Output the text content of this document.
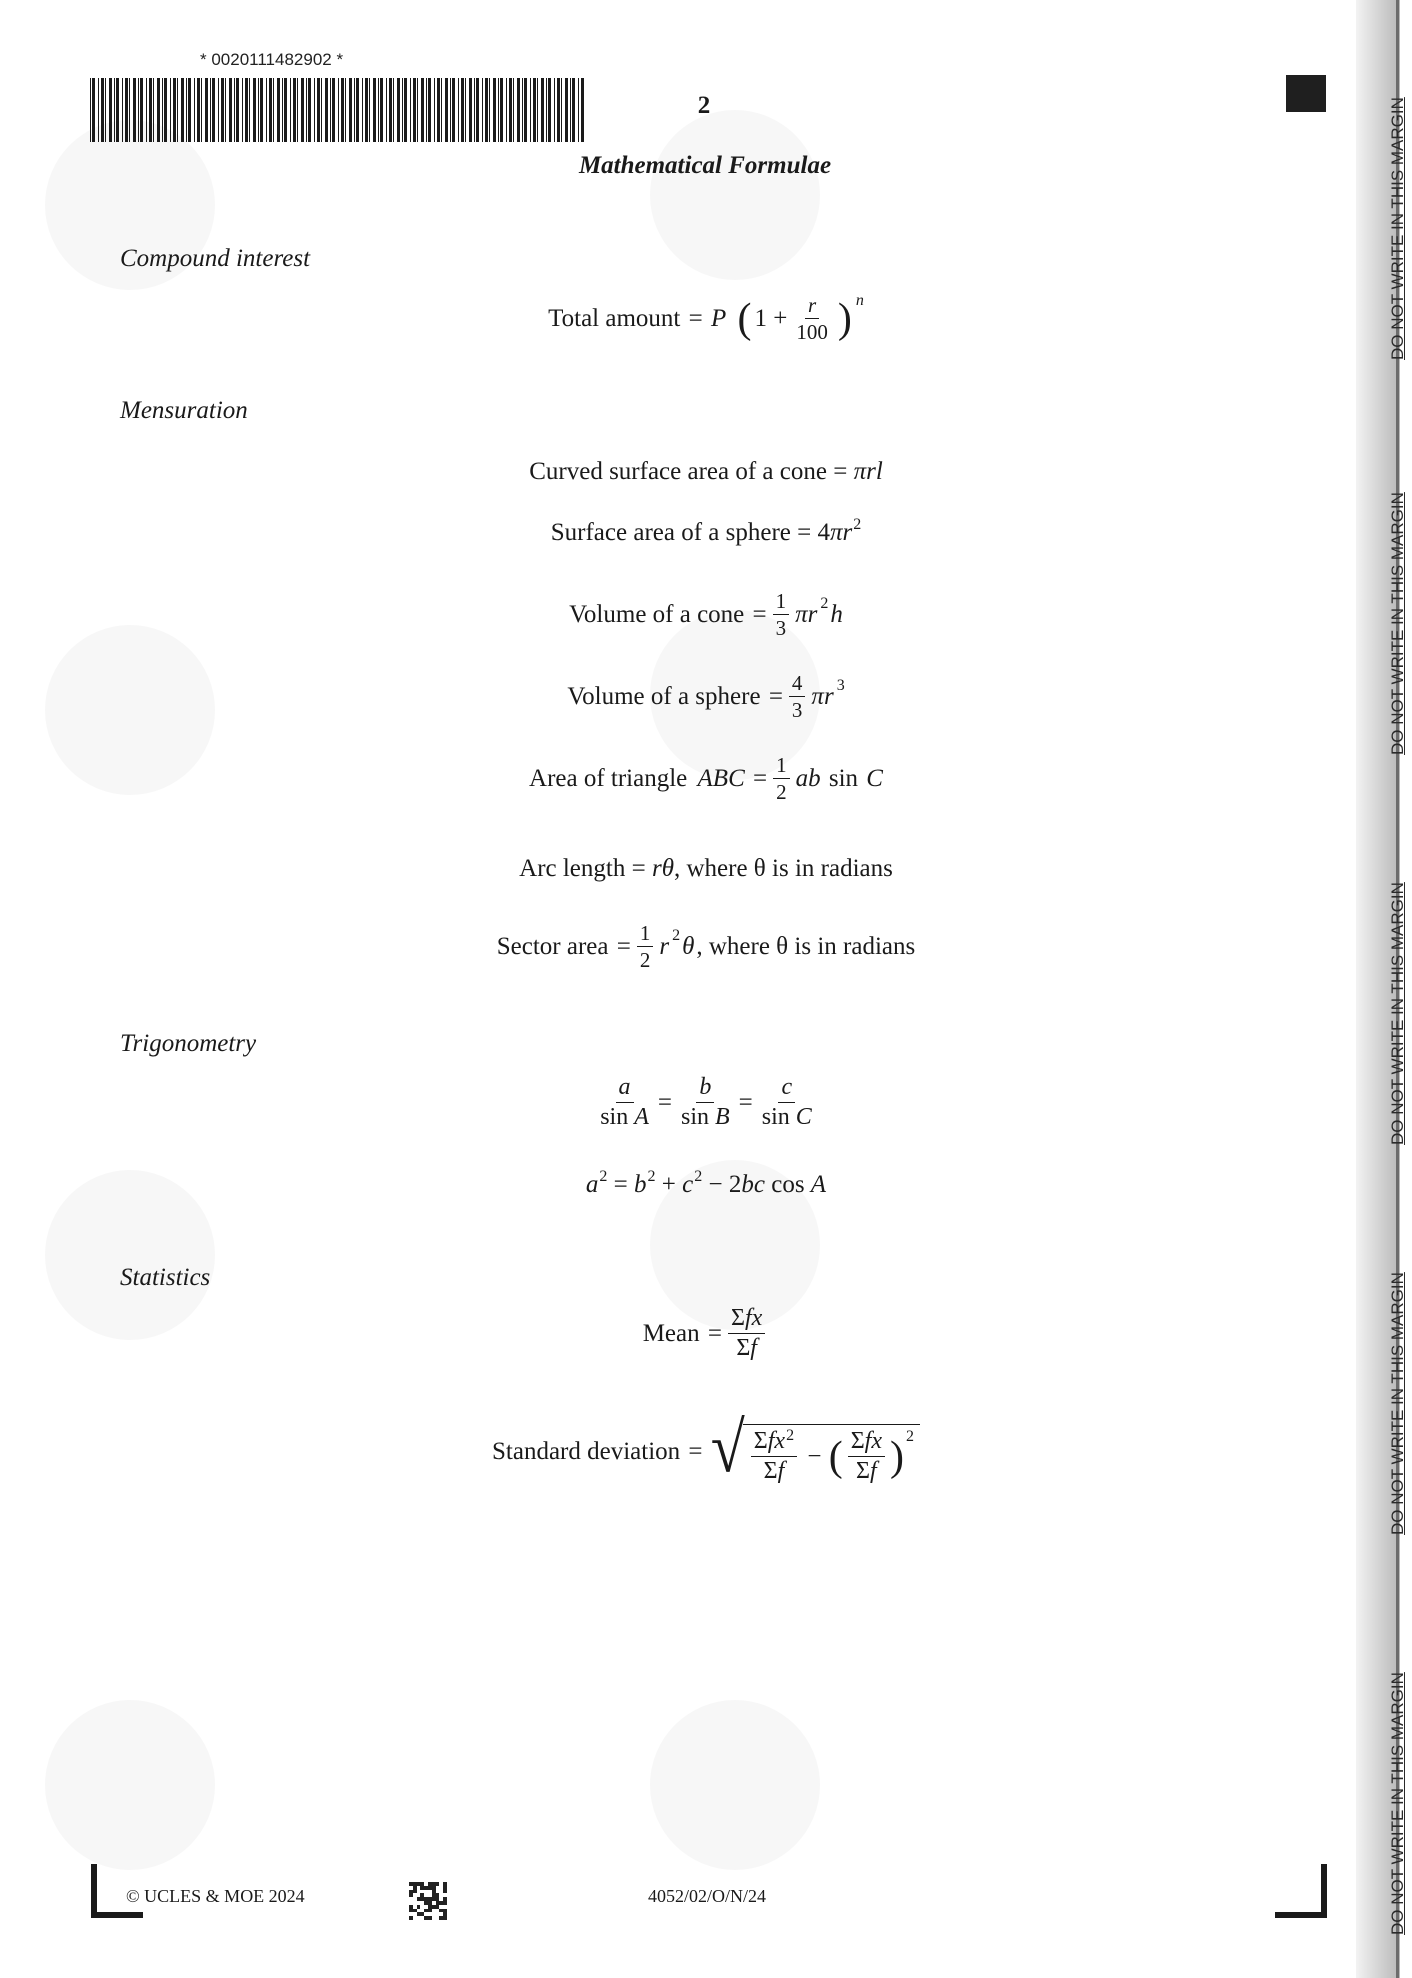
* 0020111482902 *
2
Mathematical Formulae
Compound interest
Total amount = P
( $1 + \frac{r}{100}$ ) n
Mensuration
Curved surface area of a cone = πrl
Surface area of a sphere = $4\pi r^2$
Volume of a cone = $\frac{1}{3}$ πr 2 h
Volume of a sphere = $\frac{4}{3}$ πr 3
Area of triangle
ABC = $\frac{1}{2}$ ab sin C
Arc length = rθ, where θ is in radians
Sector area = $\frac{1}{2}$ r 2 θ , where θ is in radians
Trigonometry
$\frac{a}{\text{sin A}} = \frac{b}{\text{sin B}} = \frac{c}{\text{sin C}}$
$a^2 = b^2 + c^2 - 2bc$ cos A
Statistics
Mean = $\frac{\text{Σfx}}{\Sigma f}$
Standard deviation = √ $\frac{\Sigma fx^2}{\Sigma f}$ − ( $\frac{\text{Σfx}}{\Sigma f}$ ) 2
DO NOT WRITE IN THIS MARGIN
DO NOT WRITE IN THIS MARGIN
DO NOT WRITE IN THIS MARGIN
DO NOT WRITE IN THIS MARGIN
DO NOT WRITE IN THIS MARGIN
© UCLES & MOE 2024	4052/02/O/N/24
